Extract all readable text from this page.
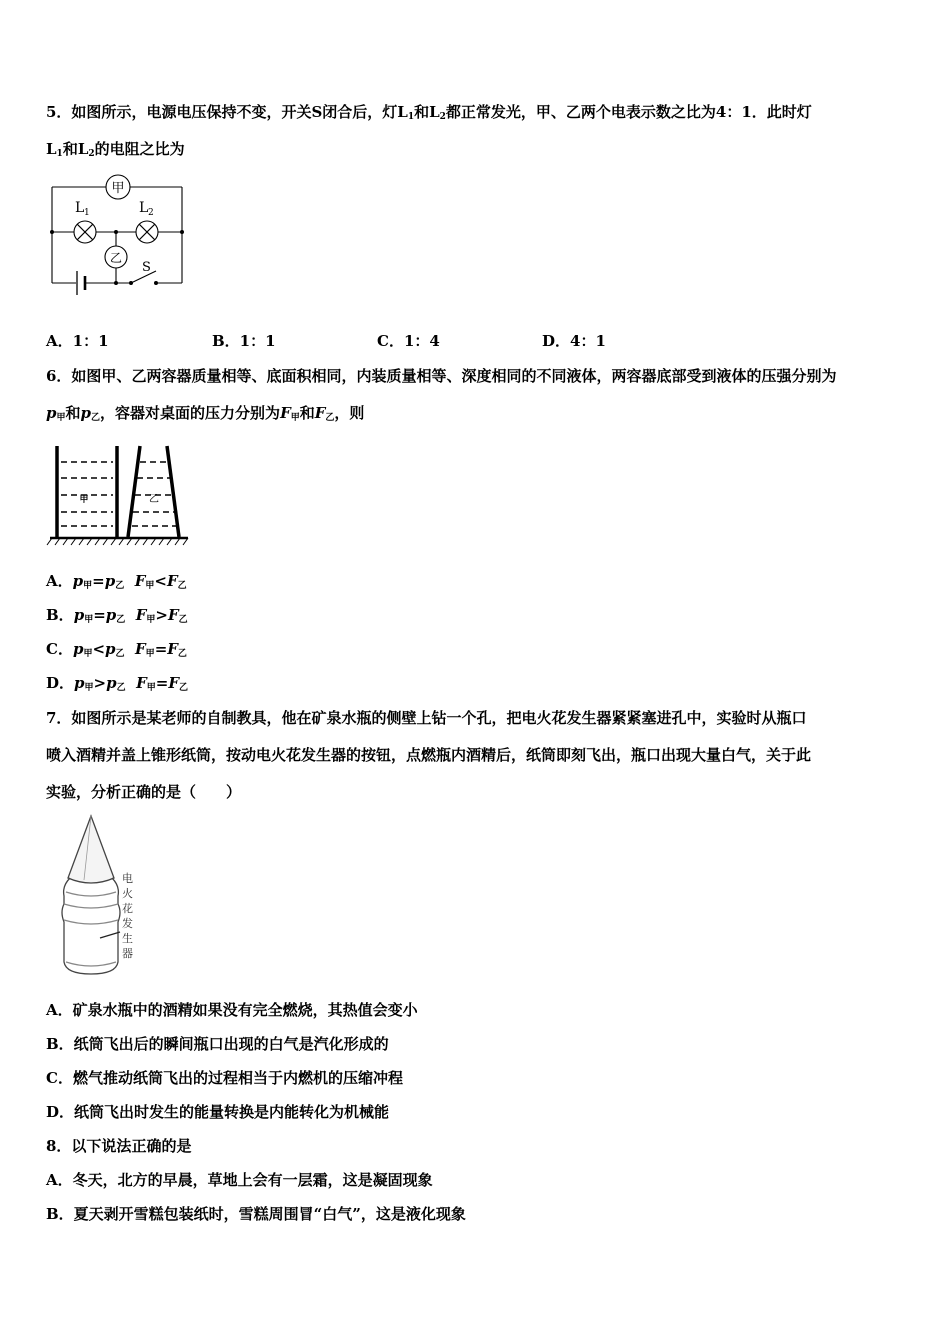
5．如图所示，电源电压保持不变，开关S闭合后，灯$L_1$和$L_2$都正常发光，甲、乙两个电表示数之比为4：1．此时灯
$L_1$和$L_2$的电阻之比为
甲
乙
L 1	L 2
S
A．1：1	B．1：1	C．1：4	D．4：1
6．如图甲、乙两容器质量相等、底面积相同，内装质量相等、深度相同的不同液体，两容器底部受到液体的压强分别为
$p_甲$和$p_乙$，容器对桌面的压力分别为$F_甲$和$F_乙$，则
甲	乙
A．$p_甲=p_乙$ $F_甲<F_乙$
B．$p_甲=p_乙$ $F_甲>F_乙$
C．$p_甲<p_乙$ $F_甲=F_乙$
D．$p_甲>p_乙$ $F_甲=F_乙$
7．如图所示是某老师的自制教具，他在矿泉水瓶的侧壁上钻一个孔，把电火花发生器紧紧塞进孔中，实验时从瓶口
喷入酒精并盖上锥形纸筒，按动电火花发生器的按钮，点燃瓶内酒精后，纸筒即刻飞出，瓶口出现大量白气，关于此
实验，分析正确的是（　　）
电
火
花
发
生
器
A．矿泉水瓶中的酒精如果没有完全燃烧，其热值会变小
B．纸筒飞出后的瞬间瓶口出现的白气是汽化形成的
C．燃气推动纸筒飞出的过程相当于内燃机的压缩冲程
D．纸筒飞出时发生的能量转换是内能转化为机械能
8．以下说法正确的是
A．冬天，北方的早晨，草地上会有一层霜，这是凝固现象
B．夏天剥开雪糕包装纸时，雪糕周围冒“白气”，这是液化现象
